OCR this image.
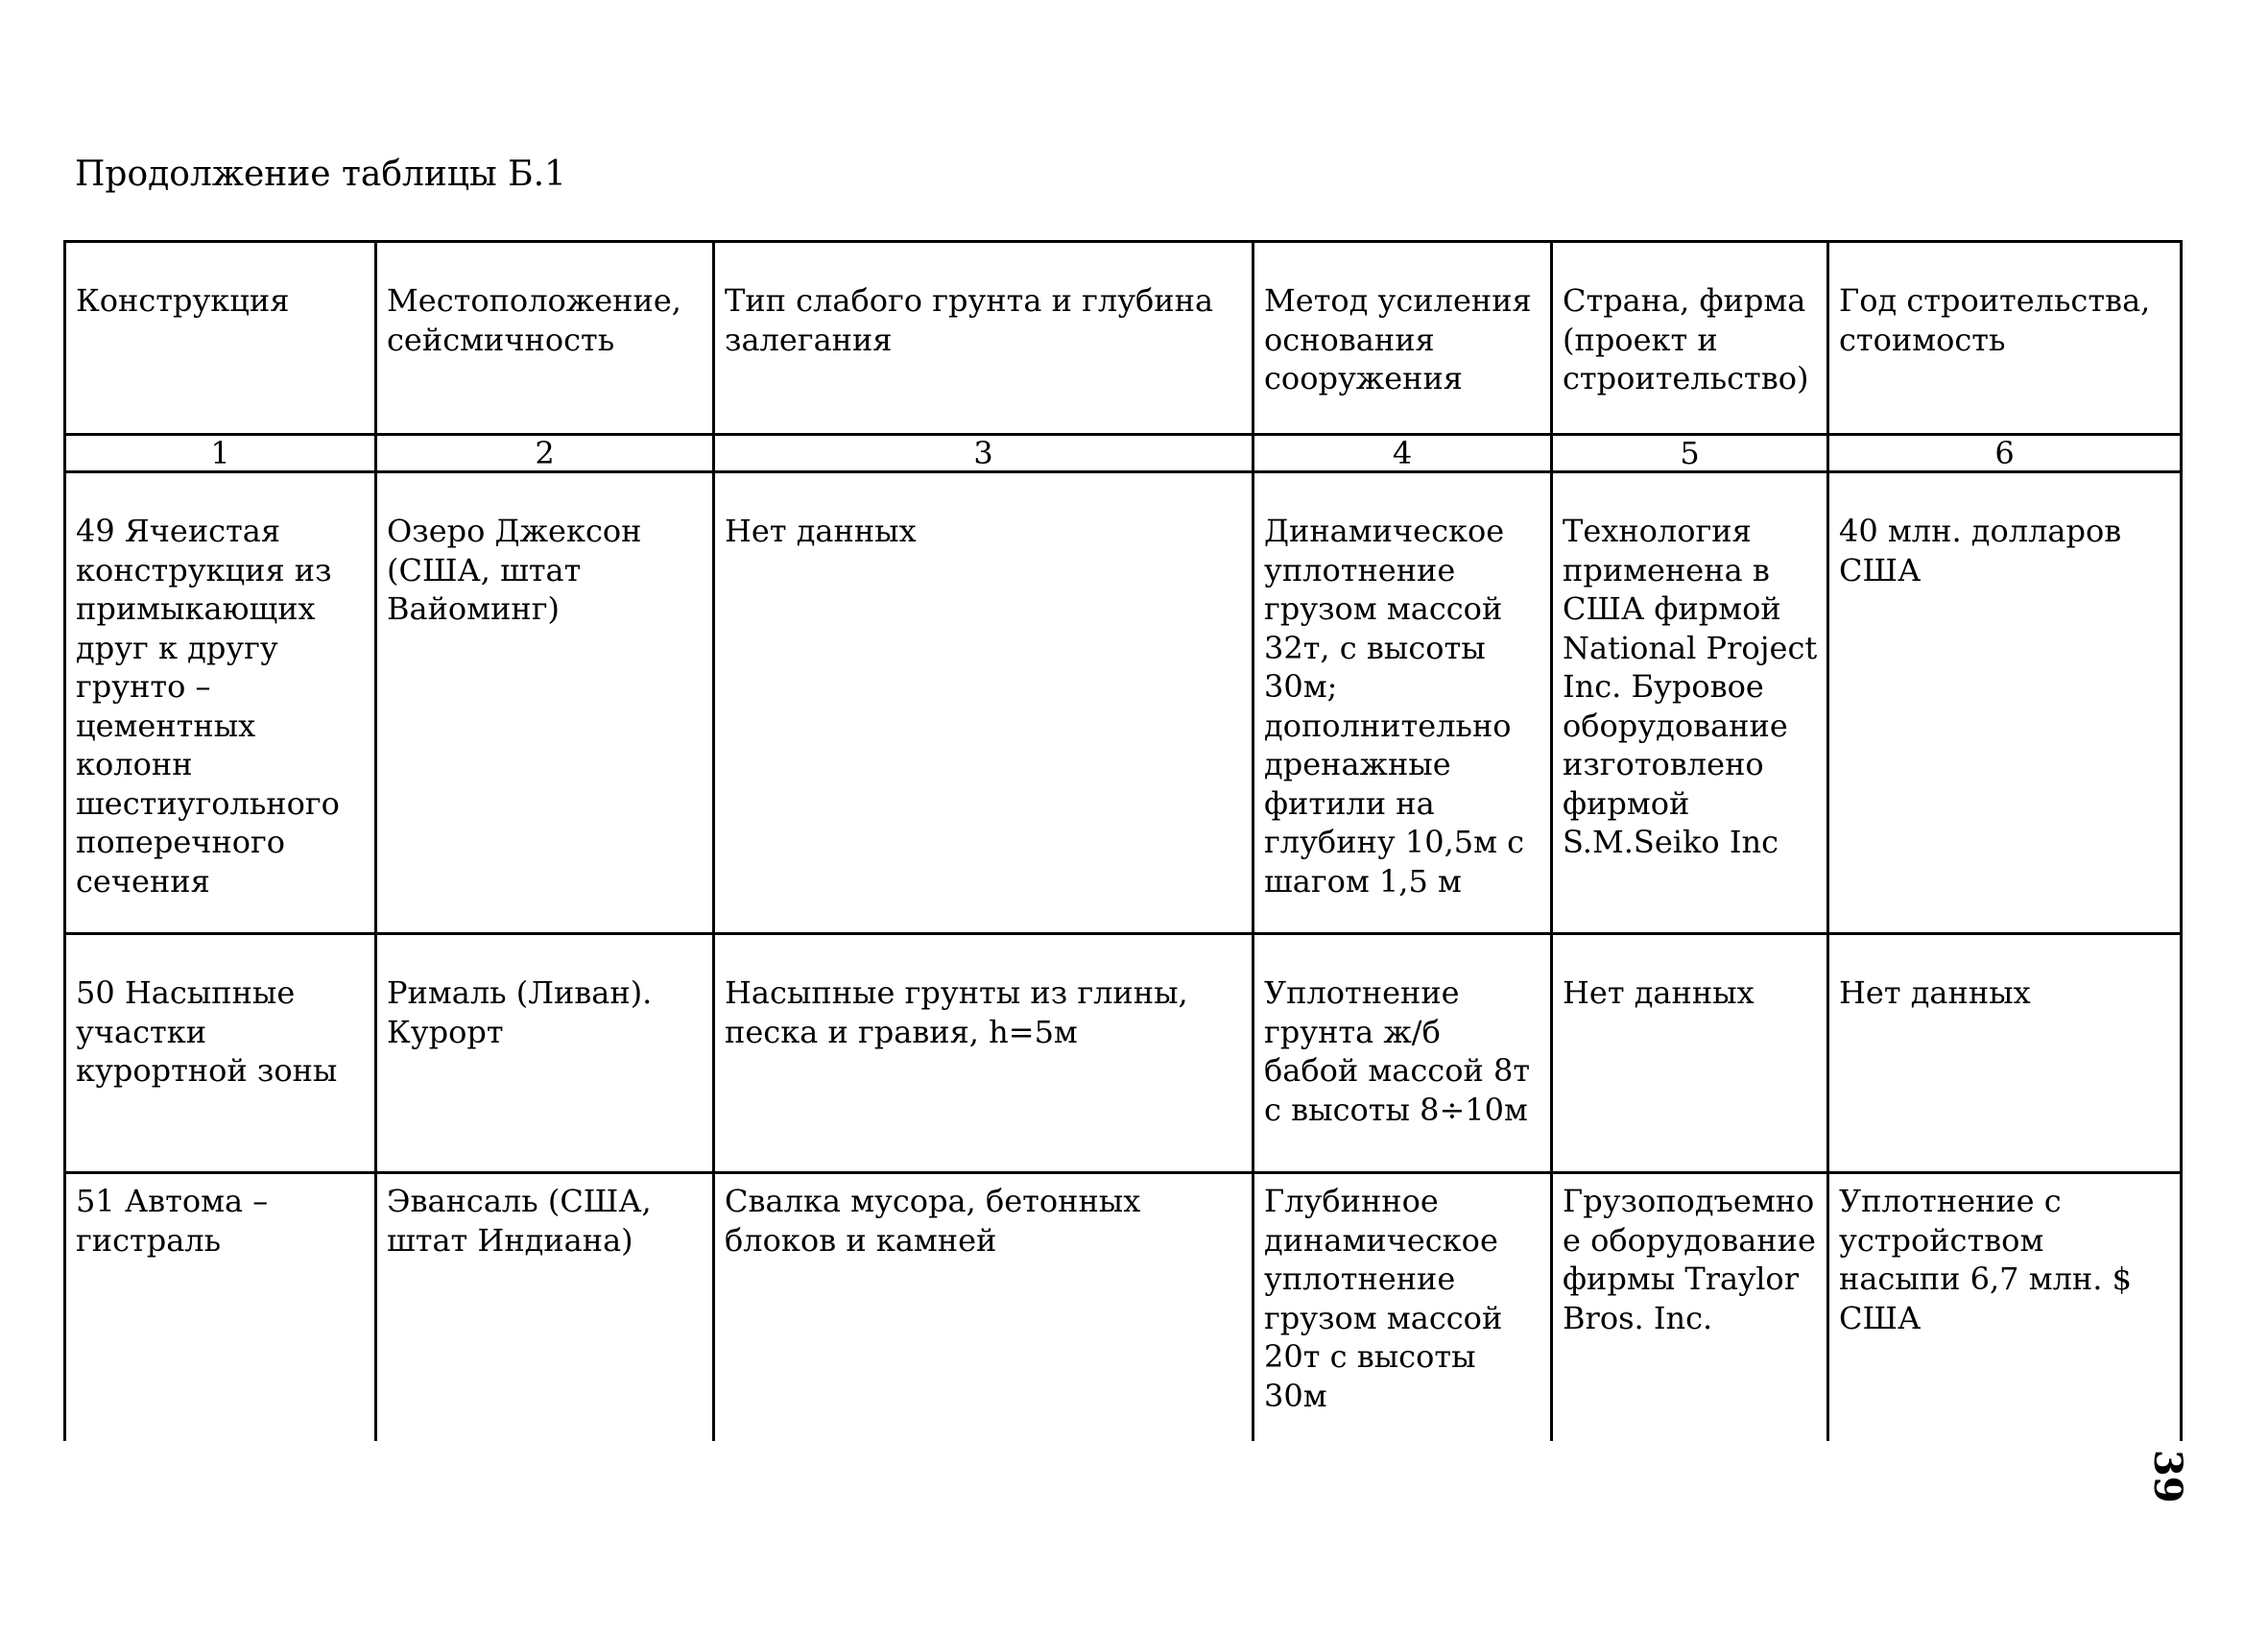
Продолжение таблицы Б.1
Конструкция	Местоположение, сейсмичность	Тип слабого грунта и глубина залегания	Метод усиления основания сооружения	Страна, фирма (проект и строительство)	Год строительства, стоимость
1	2	3	4	5	6
49 Ячеистая конструкция из примыкающих друг к другу грунто – цементных колонн шестиугольного поперечного сечения	Озеро Джексон (США, штат Вайоминг)	Нет данных	Динамическое уплотнение грузом массой 32т, с высоты 30м; дополнительно дренажные фитили на глубину 10,5м с шагом 1,5 м	Технология применена в США фирмой National Project Inc. Буровое оборудование изготовлено фирмой S.M.Seiko Inc	40 млн. долларов США
50 Насыпные участки курортной зоны	Рималь (Ливан). Курорт	Насыпные грунты из глины, песка и гравия, h=5м	Уплотнение грунта ж/б бабой массой 8т с высоты 8÷10м	Нет данных	Нет данных
51 Автома – гистраль	Эвансаль (США, штат Индиана)	Свалка мусора, бетонных блоков и камней	Глубинное динамическое уплотнение грузом массой 20т с высоты 30м	Грузоподъемное оборудование фирмы Traylor Bros. Inc.	Уплотнение с устройством насыпи 6,7 млн. $ США
39
